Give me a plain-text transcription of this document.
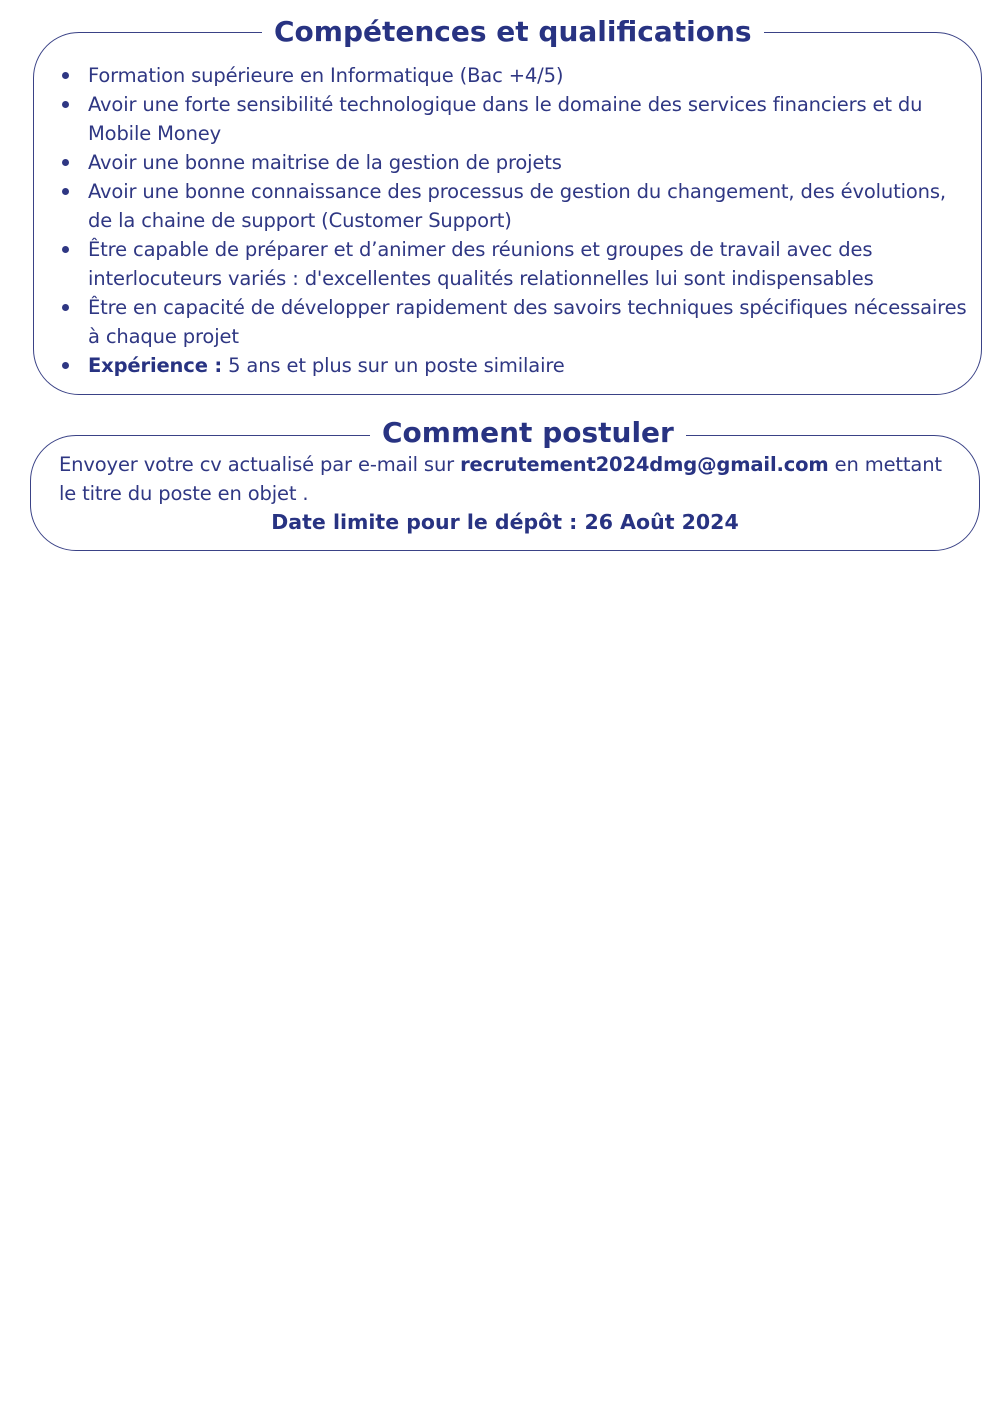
Compétences et qualifications
Formation supérieure en Informatique (Bac +4/5)
Avoir une forte sensibilité technologique dans le domaine des services financiers et du Mobile Money
Avoir une bonne maitrise de la gestion de projets
Avoir une bonne connaissance des processus de gestion du changement, des évolutions, de la chaine de support (Customer Support)
Être capable de préparer et d’animer des réunions et groupes de travail avec des interlocuteurs variés : d'excellentes qualités relationnelles lui sont indispensables
Être en capacité de développer rapidement des savoirs techniques spécifiques nécessaires à chaque projet
Expérience : 5 ans et plus sur un poste similaire
Comment postuler
Envoyer votre cv actualisé par e-mail sur recrutement2024dmg@gmail.com en mettant le titre du poste en objet .
Date limite pour le dépôt : 26 Août 2024
